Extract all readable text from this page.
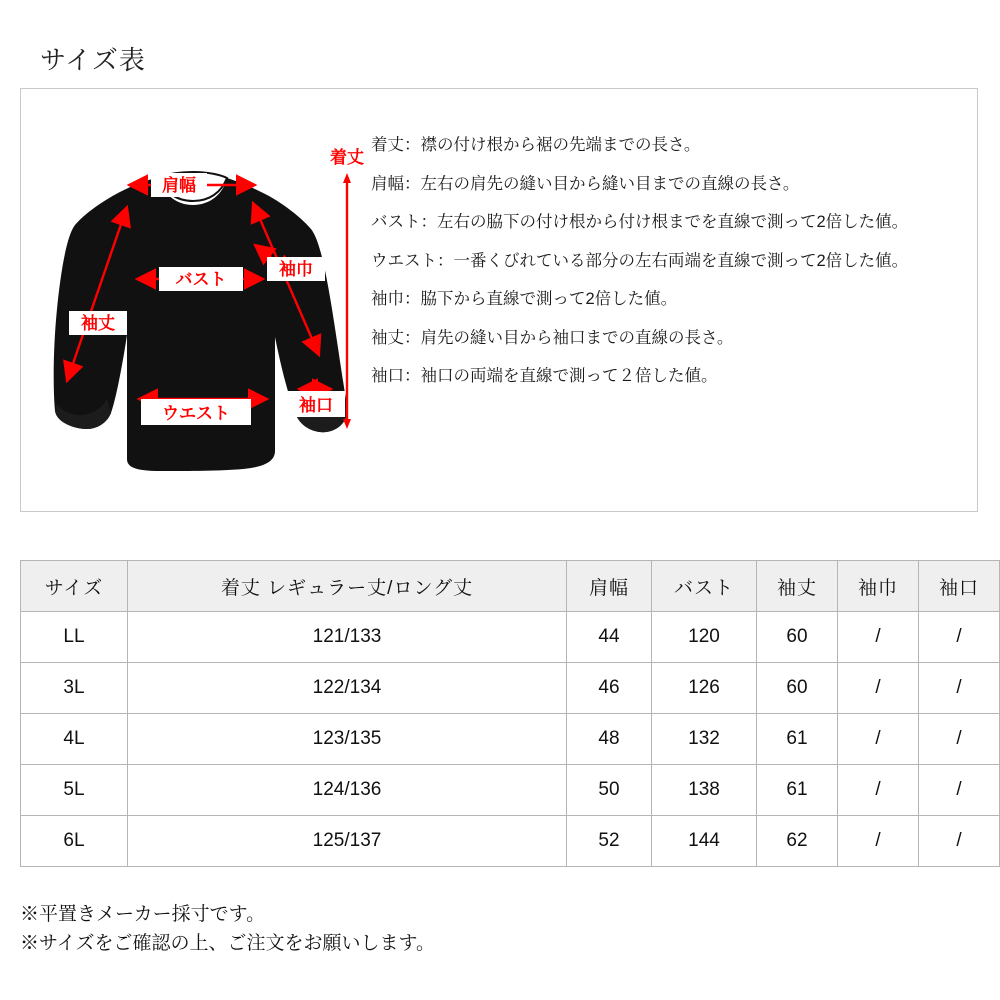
サイズ表
肩幅
バスト
ウエスト
袖丈
袖巾
袖口
着丈
着丈：襟の付け根から裾の先端までの長さ。
肩幅：左右の肩先の縫い目から縫い目までの直線の長さ。
バスト：左右の脇下の付け根から付け根までを直線で測って2倍した値。
ウエスト：一番くびれている部分の左右両端を直線で測って2倍した値。
袖巾：脇下から直線で測って2倍した値。
袖丈：肩先の縫い目から袖口までの直線の長さ。
袖口：袖口の両端を直線で測って２倍した値。
サイズ	着丈 レギュラー丈/ロング丈	肩幅	バスト	袖丈	袖巾	袖口
LL	121/133	44	120	60	/	/
3L	122/134	46	126	60	/	/
4L	123/135	48	132	61	/	/
5L	124/136	50	138	61	/	/
6L	125/137	52	144	62	/	/
※平置きメーカー採寸です。
※サイズをご確認の上、ご注文をお願いします。
